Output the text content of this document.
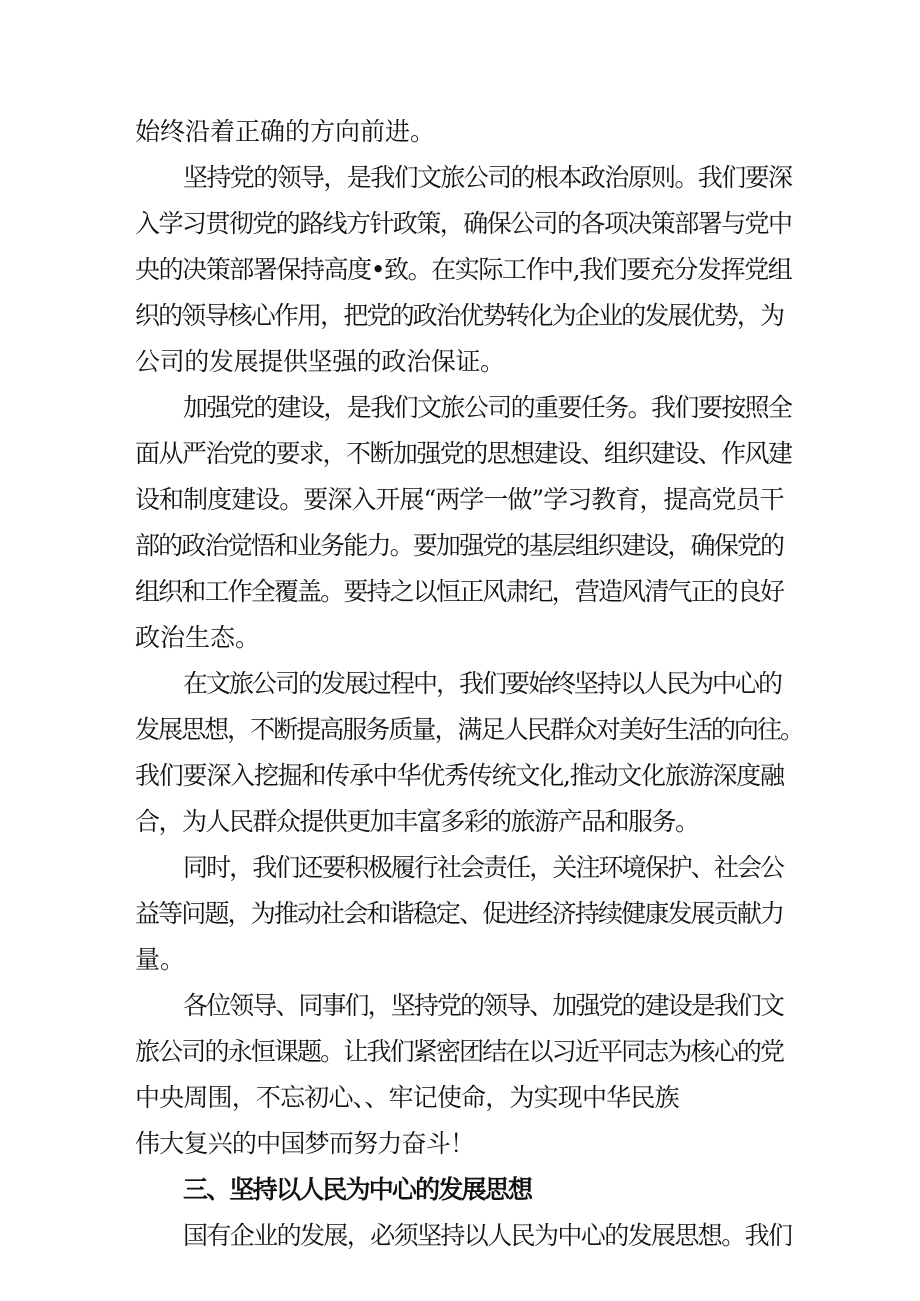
始终沿着正确的方向前进。

坚持党的领导，是我们文旅公司的根本政治原则。我们要深

入学习贯彻党的路线方针政策，确保公司的各项决策部署与党中

央的决策部署保持高度•致。在实际工作中,我们要充分发挥党组

织的领导核心作用，把党的政治优势转化为企业的发展优势，为

公司的发展提供坚强的政治保证。

加强党的建设，是我们文旅公司的重要任务。我们要按照全

面从严治党的要求，不断加强党的思想建设、组织建设、作风建

设和制度建设。要深入开展“两学一做”学习教育，提高党员干

部的政治觉悟和业务能力。要加强党的基层组织建设，确保党的

组织和工作全覆盖。要持之以恒正风肃纪，营造风清气正的良好

政治生态。

在文旅公司的发展过程中，我们要始终坚持以人民为中心的

发展思想，不断提高服务质量，满足人民群众对美好生活的向往。

我们要深入挖掘和传承中华优秀传统文化,推动文化旅游深度融

合，为人民群众提供更加丰富多彩的旅游产品和服务。

同时，我们还要积极履行社会责任，关注环境保护、社会公

益等问题，为推动社会和谐稳定、促进经济持续健康发展贡献力

量。

各位领导、同事们，坚持党的领导、加强党的建设是我们文

旅公司的永恒课题。让我们紧密团结在以习近平同志为核心的党

中央周围，不忘初心、、牢记使命，为实现中华民族

伟大复兴的中国梦而努力奋斗！

三、坚持以人民为中心的发展思想

国有企业的发展，必须坚持以人民为中心的发展思想。我们
